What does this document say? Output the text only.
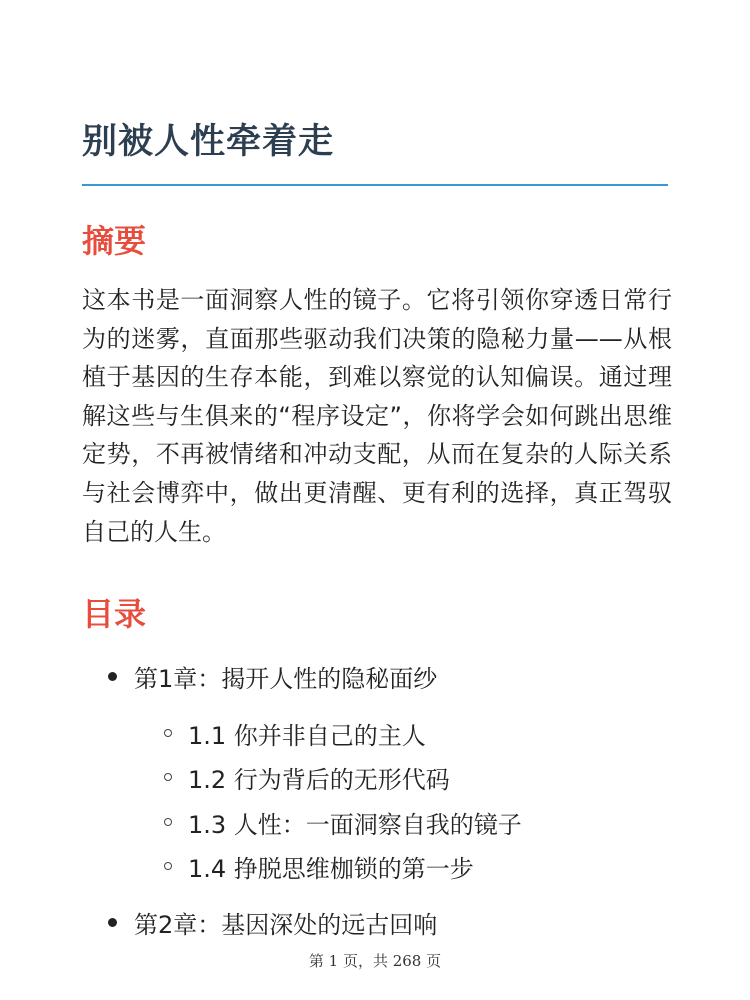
别被人性牵着走
摘要

这本书是一面洞察人性的镜子。它将引领你穿透日常行为的迷雾，直面那些驱动我们决策的隐秘力量——从根植于基因的生存本能，到难以察觉的认知偏误。通过理解这些与生俱来的“程序设定”，你将学会如何跳出思维定势，不再被情绪和冲动支配，从而在复杂的人际关系与社会博弈中，做出更清醒、更有利的选择，真正驾驭自己的人生。

目录
第1章：揭开人性的隐秘面纱
1.1 你并非自己的主人
1.2 行为背后的无形代码
1.3 人性：一面洞察自我的镜子
1.4 挣脱思维枷锁的第一步
第2章：基因深处的远古回响
第 1 页，共 268 页
